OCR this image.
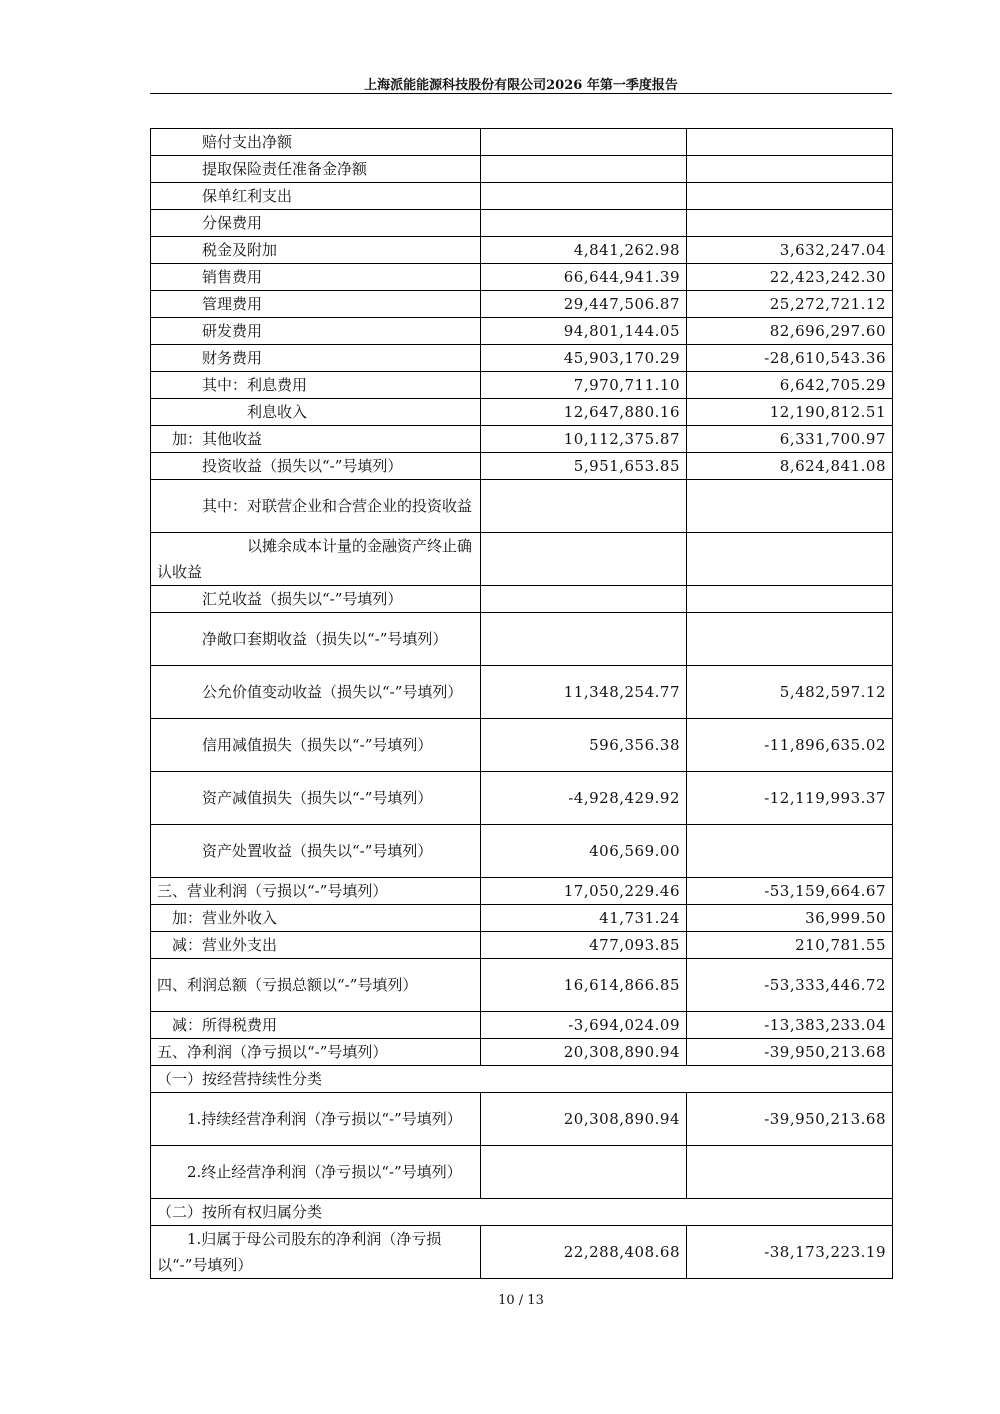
上海派能能源科技股份有限公司2026 年第一季度报告
赔付支出净额		
提取保险责任准备金净额		
保单红利支出		
分保费用		
税金及附加	4,841,262.98	3,632,247.04
销售费用	66,644,941.39	22,423,242.30
管理费用	29,447,506.87	25,272,721.12
研发费用	94,801,144.05	82,696,297.60
财务费用	45,903,170.29	-28,610,543.36
其中：利息费用	7,970,711.10	6,642,705.29
利息收入	12,647,880.16	12,190,812.51
加：其他收益	10,112,375.87	6,331,700.97
投资收益（损失以“-”号填列）	5,951,653.85	8,624,841.08
其中：对联营企业和合营企业的投资收益		
以摊余成本计量的金融资产终止确认收益		
汇兑收益（损失以“-”号填列）		
净敞口套期收益（损失以“-”号填列）		
公允价值变动收益（损失以“-”号填列）	11,348,254.77	5,482,597.12
信用减值损失（损失以“-”号填列）	596,356.38	-11,896,635.02
资产减值损失（损失以“-”号填列）	-4,928,429.92	-12,119,993.37
资产处置收益（损失以“-”号填列）	406,569.00	
三、营业利润（亏损以“-”号填列）	17,050,229.46	-53,159,664.67
加：营业外收入	41,731.24	36,999.50
减：营业外支出	477,093.85	210,781.55
四、利润总额（亏损总额以“-”号填列）	16,614,866.85	-53,333,446.72
减：所得税费用	-3,694,024.09	-13,383,233.04
五、净利润（净亏损以“-”号填列）	20,308,890.94	-39,950,213.68
（一）按经营持续性分类		
1.持续经营净利润（净亏损以“-”号填列）	20,308,890.94	-39,950,213.68
2.终止经营净利润（净亏损以“-”号填列）		
（二）按所有权归属分类		
1.归属于母公司股东的净利润（净亏损以“-”号填列）	22,288,408.68	-38,173,223.19
10 / 13
